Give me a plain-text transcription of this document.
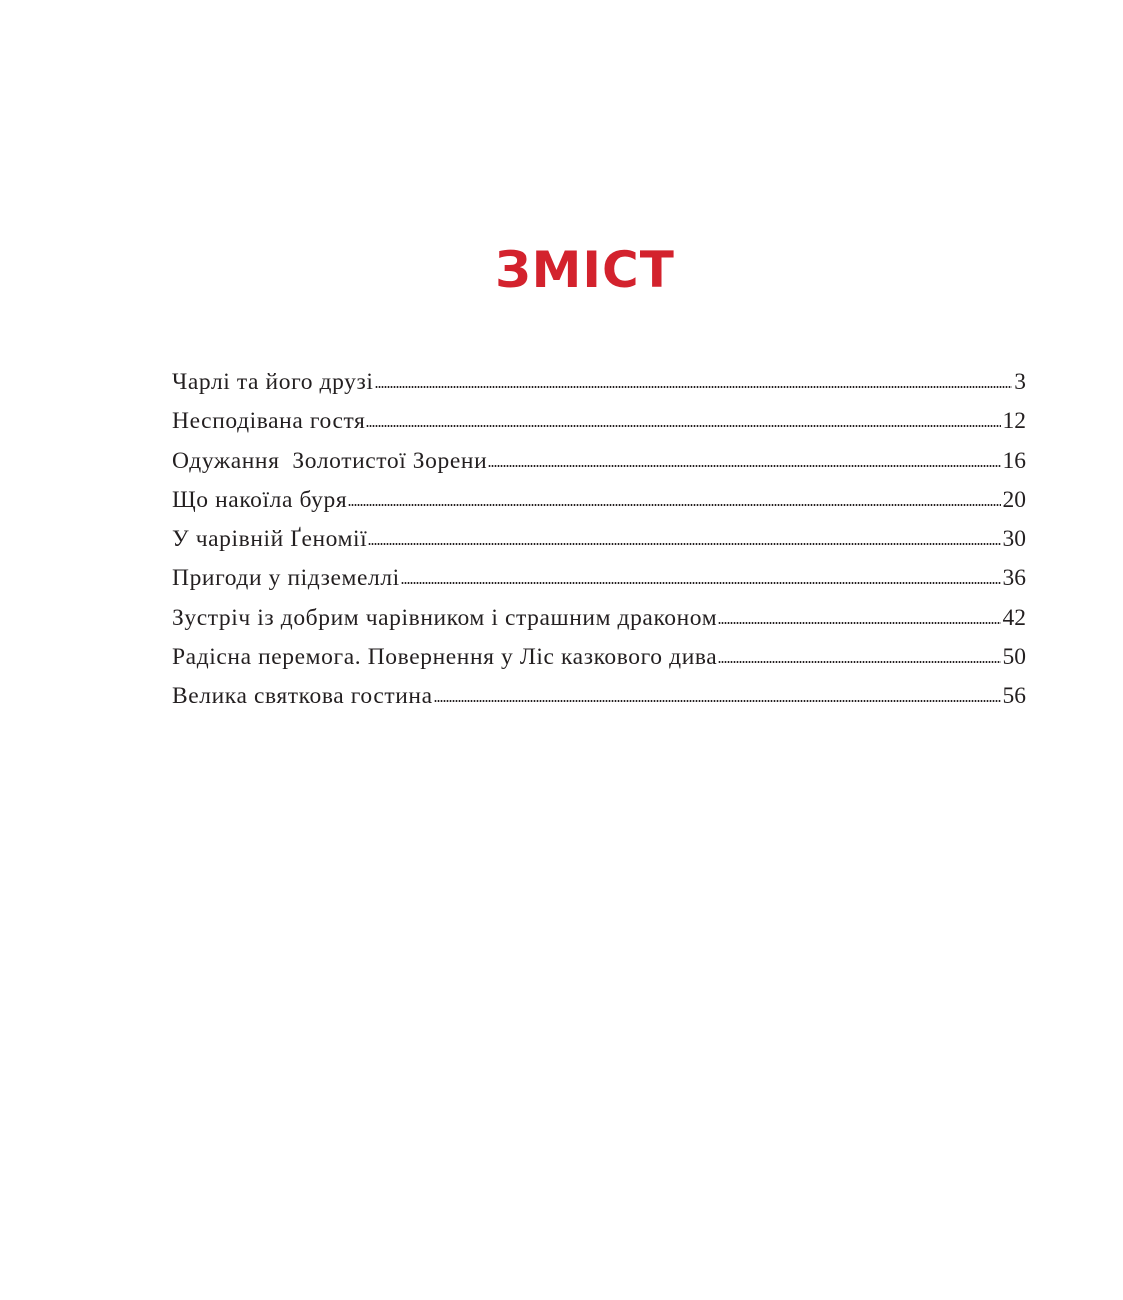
ЗМІСТ
Чарлі та його друзі	3
Несподівана гостя	12
Одужання  Золотистої Зорени	16
Що накоїла буря	20
У чарівній Ґеномії	30
Пригоди у підземеллі	36
Зустріч із добрим чарівником і страшним драконом	42
Радісна перемога. Повернення у Ліс казкового дива	50
Велика святкова гостина	56
